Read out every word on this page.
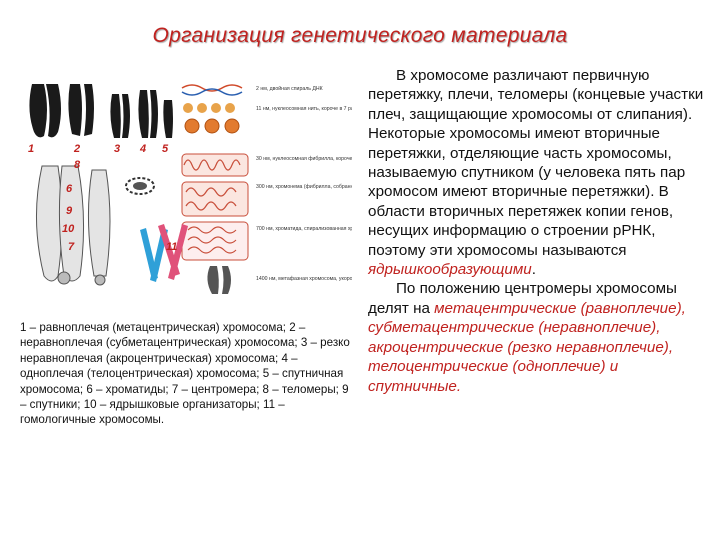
Организация генетического материала
2 нм, двойная спираль ДНК
11 нм, нуклеосомная нить, короче в 7 раз
30 нм, нуклеосомная фибрилла, короче
300 нм, хромонема (фибрилла, собран
700 нм, хроматида, спирализованная хр
1400 нм, метафазная хромосома, укоро
1	2	3 4 5
8
6
9
10
7	11
1 – равноплечая (метацентрическая) хромосома; 2 – неравноплечая (субметацентрическая) хромосома; 3 – резко неравноплечая (акроцентрическая) хромосома; 4 – одноплечая (телоцентрическая) хромосома; 5 – спутничная хромосома; 6 – хроматиды; 7 – центромера; 8 – теломеры; 9 – спутники; 10 – ядрышковые организаторы; 11 – гомологичные хромосомы.

В хромосоме различают первичную перетяжку, плечи, теломеры (концевые участки плеч, защищающие хромосомы от слипания). Некоторые хромосомы имеют вторичные перетяжки, отделяющие часть хромосомы, называемую спутником (у человека пять пар хромосом имеют вторичные перетяжки). В области вторичных перетяжек копии генов, несущих информацию о строении рРНК, поэтому эти хромосомы называются ядрышкообразующими.

По положению центромеры хромосомы делят на метацентрические (равноплечие), субметацентрические (неравноплечие), акроцентрические (резко неравноплечие), телоцентрические (одноплечие) и спутничные.
